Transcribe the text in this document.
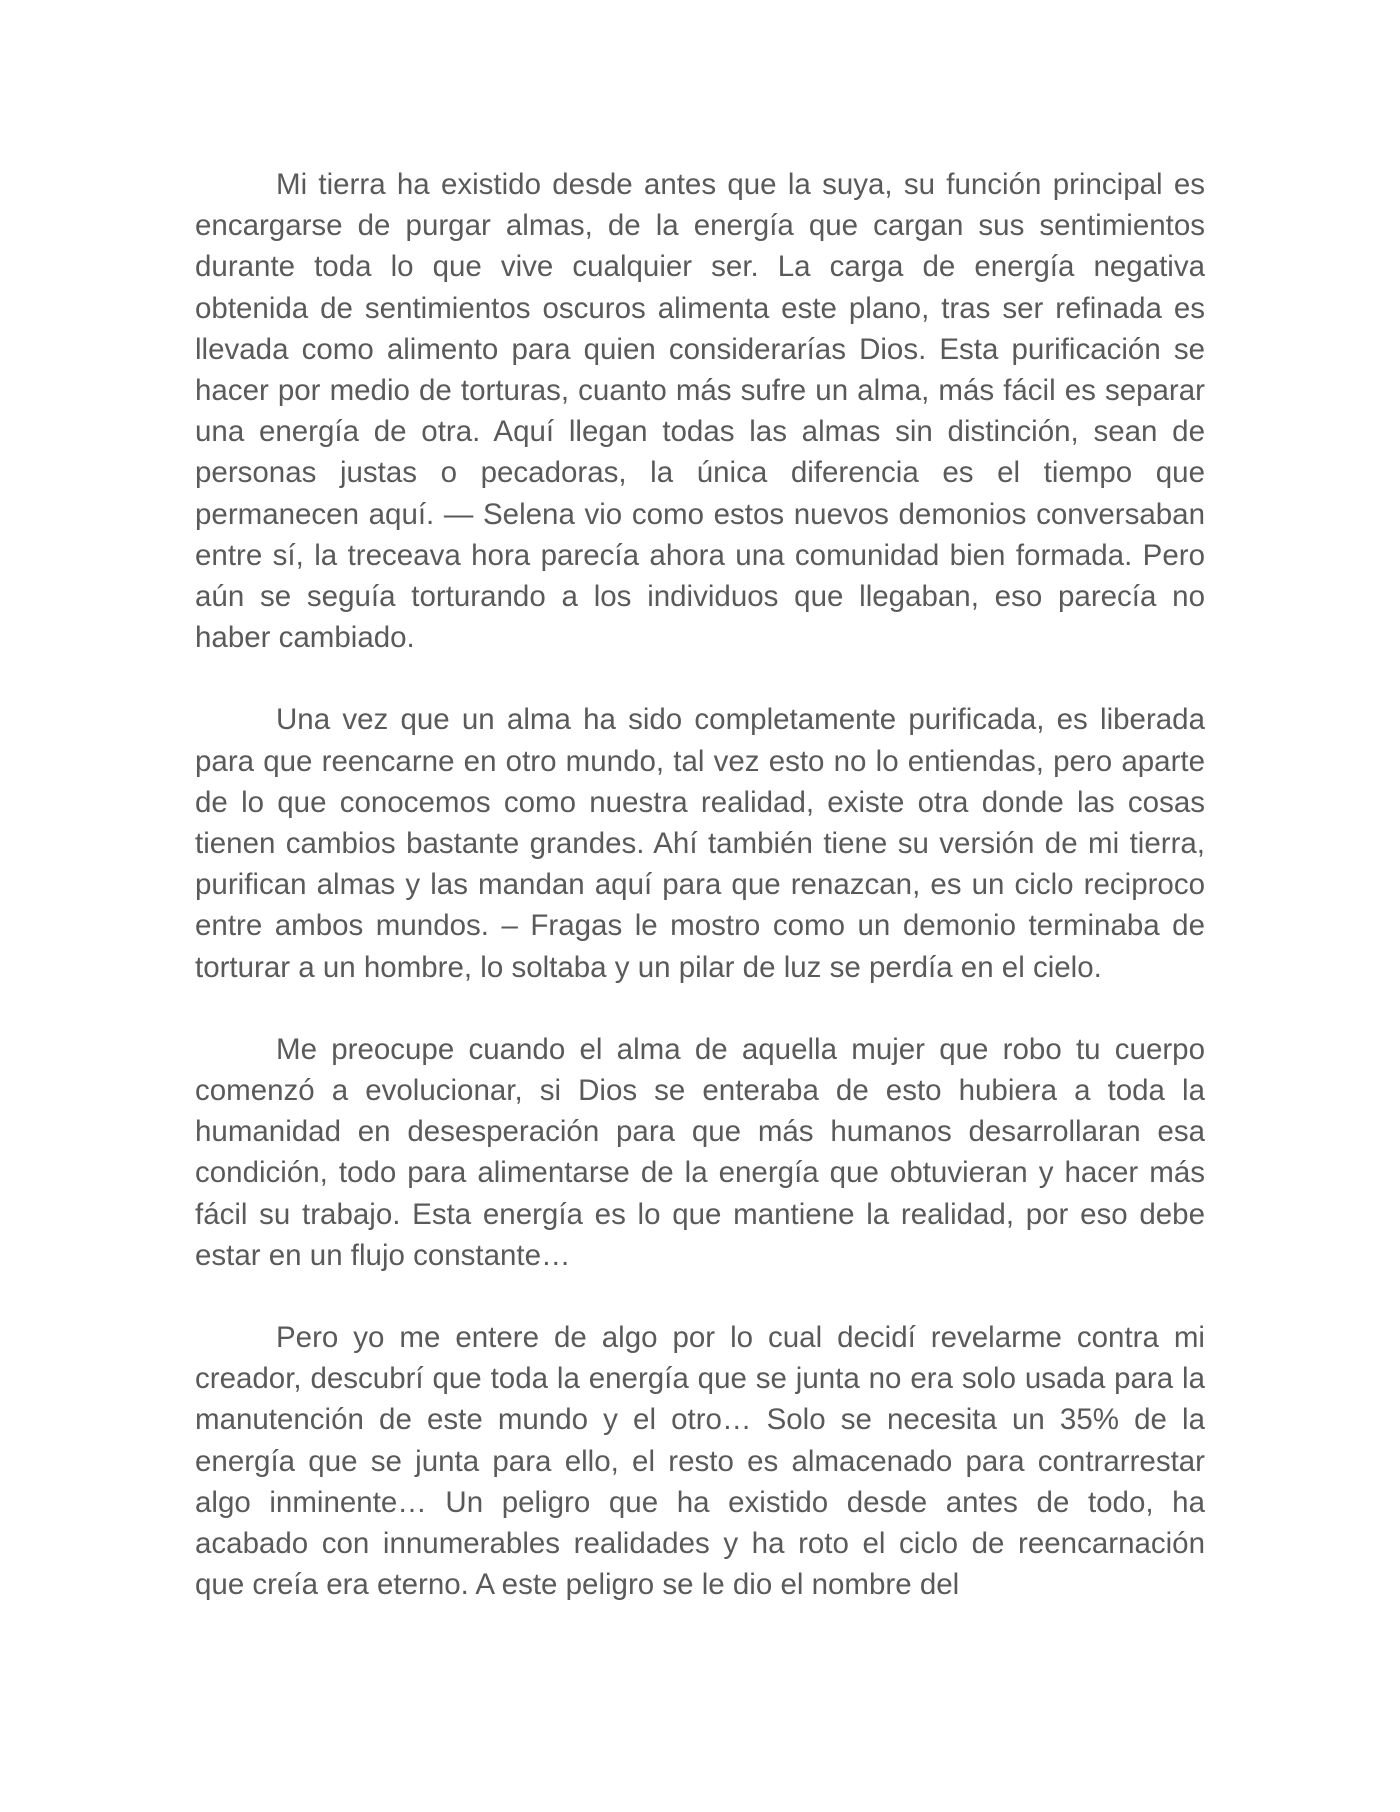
Mi tierra ha existido desde antes que la suya, su función principal es encargarse de purgar almas, de la energía que cargan sus sentimientos durante toda lo que vive cualquier ser. La carga de energía negativa obtenida de sentimientos oscuros alimenta este plano, tras ser refinada es llevada como alimento para quien considerarías Dios. Esta purificación se hacer por medio de torturas, cuanto más sufre un alma, más fácil es separar una energía de otra. Aquí llegan todas las almas sin distinción, sean de personas justas o pecadoras, la única diferencia es el tiempo que permanecen aquí. — Selena vio como estos nuevos demonios conversaban entre sí, la treceava hora parecía ahora una comunidad bien formada. Pero aún se seguía torturando a los individuos que llegaban, eso parecía no haber cambiado.

Una vez que un alma ha sido completamente purificada, es liberada para que reencarne en otro mundo, tal vez esto no lo entiendas, pero aparte de lo que conocemos como nuestra realidad, existe otra donde las cosas tienen cambios bastante grandes. Ahí también tiene su versión de mi tierra, purifican almas y las mandan aquí para que renazcan, es un ciclo reciproco entre ambos mundos. – Fragas le mostro como un demonio terminaba de torturar a un hombre, lo soltaba y un pilar de luz se perdía en el cielo.

Me preocupe cuando el alma de aquella mujer que robo tu cuerpo comenzó a evolucionar, si Dios se enteraba de esto hubiera a toda la humanidad en desesperación para que más humanos desarrollaran esa condición, todo para alimentarse de la energía que obtuvieran y hacer más fácil su trabajo. Esta energía es lo que mantiene la realidad, por eso debe estar en un flujo constante…

Pero yo me entere de algo por lo cual decidí revelarme contra mi creador, descubrí que toda la energía que se junta no era solo usada para la manutención de este mundo y el otro… Solo se necesita un 35% de la energía que se junta para ello, el resto es almacenado para contrarrestar algo inminente… Un peligro que ha existido desde antes de todo, ha acabado con innumerables realidades y ha roto el ciclo de reencarnación que creía era eterno. A este peligro se le dio el nombre del
